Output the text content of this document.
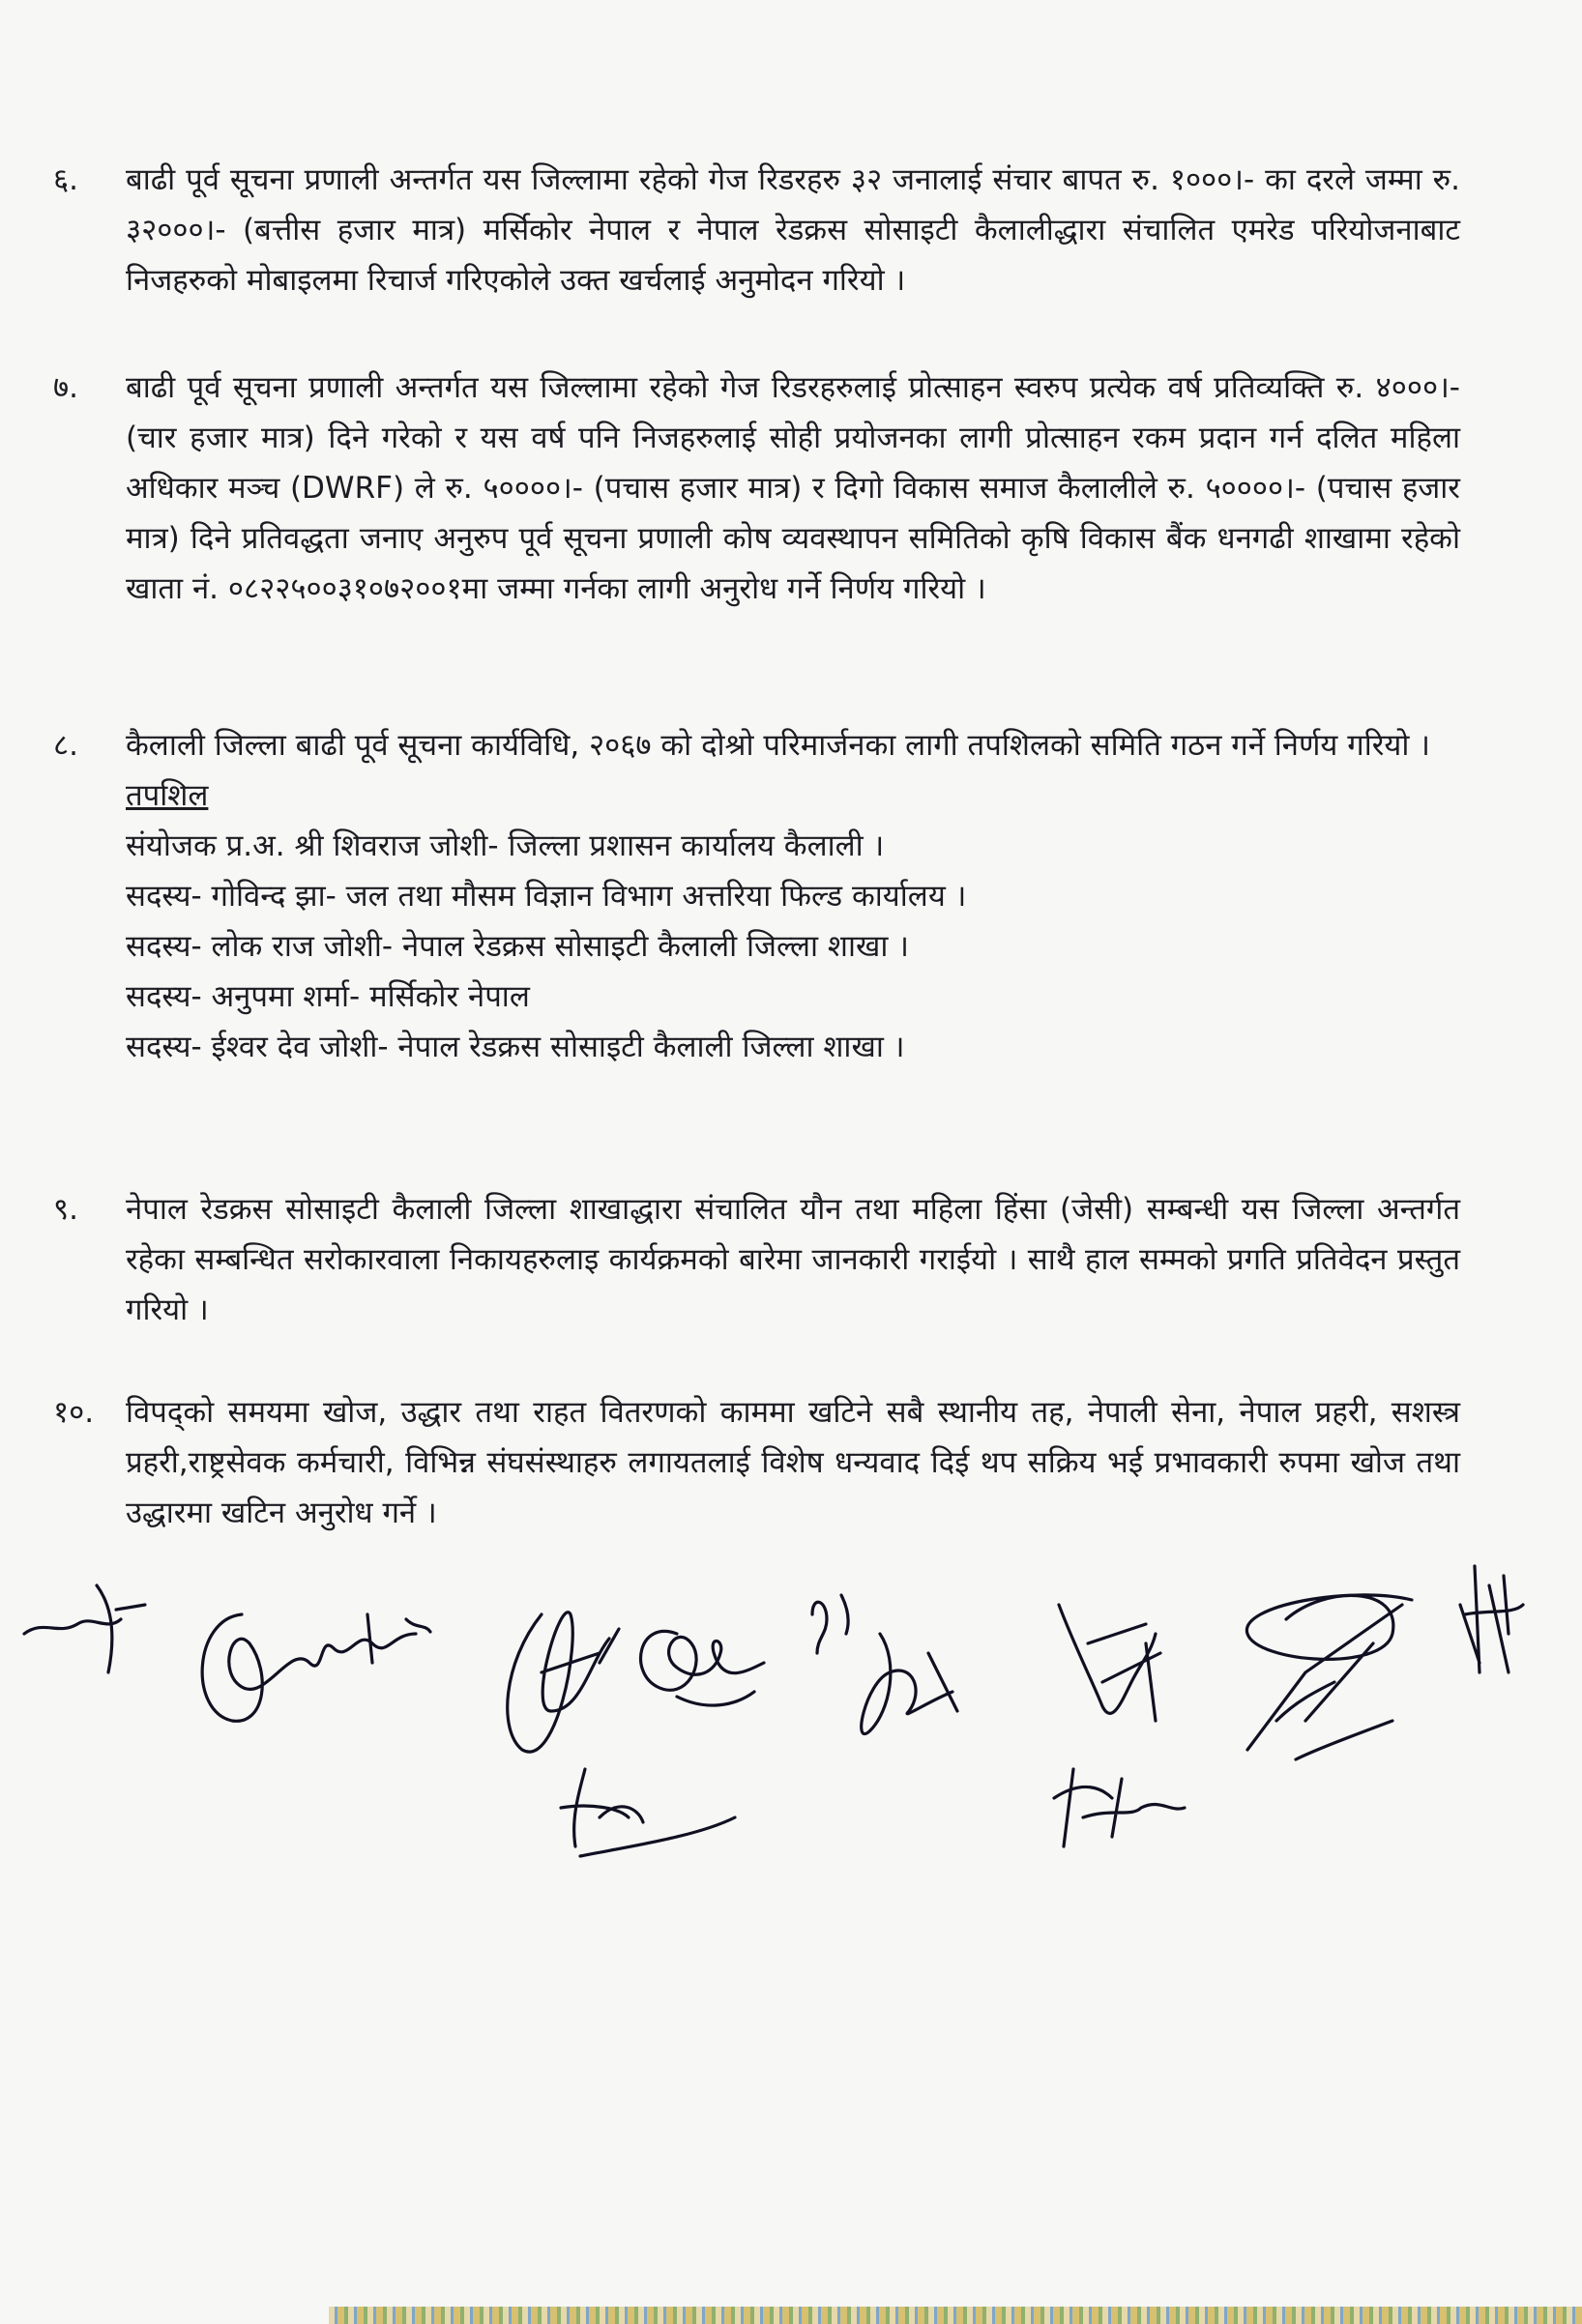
६.	बाढी पूर्व सूचना प्रणाली अन्तर्गत यस जिल्लामा रहेको गेज रिडरहरु ३२ जनालाई संचार बापत रु. १०००।- का दरले जम्मा रु. ३२०००।- (बत्तीस हजार मात्र) मर्सिकोर नेपाल र नेपाल रेडक्रस सोसाइटी कैलालीद्धारा संचालित एमरेड परियोजनाबाट निजहरुको मोबाइलमा रिचार्ज गरिएकोले उक्त खर्चलाई अनुमोदन गरियो ।
७.	बाढी पूर्व सूचना प्रणाली अन्तर्गत यस जिल्लामा रहेको गेज रिडरहरुलाई प्रोत्साहन स्वरुप प्रत्येक वर्ष प्रतिव्यक्ति रु. ४०००।- (चार हजार मात्र) दिने गरेको र यस वर्ष पनि निजहरुलाई सोही प्रयोजनका लागी प्रोत्साहन रकम प्रदान गर्न दलित महिला अधिकार मञ्च (DWRF) ले रु. ५००००।- (पचास हजार मात्र) र दिगो विकास समाज कैलालीले रु. ५००००।- (पचास हजार मात्र) दिने प्रतिवद्धता जनाए अनुरुप पूर्व सूचना प्रणाली कोष व्यवस्थापन समितिको कृषि विकास बैंक धनगढी शाखामा रहेको खाता नं. ०८२२५००३१०७२००१मा जम्मा गर्नका लागी अनुरोध गर्ने निर्णय गरियो ।
८.	कैलाली जिल्ला बाढी पूर्व सूचना कार्यविधि, २०६७ को दोश्रो परिमार्जनका लागी तपशिलको समिति गठन गर्ने निर्णय गरियो ।
तपशिल
संयोजक प्र.अ. श्री शिवराज जोशी- जिल्ला प्रशासन कार्यालय कैलाली ।
सदस्य- गोविन्द झा- जल तथा मौसम विज्ञान विभाग अत्तरिया फिल्ड कार्यालय ।
सदस्य- लोक राज जोशी- नेपाल रेडक्रस सोसाइटी कैलाली जिल्ला शाखा ।
सदस्य- अनुपमा शर्मा- मर्सिकोर नेपाल
सदस्य- ईश्वर देव जोशी- नेपाल रेडक्रस सोसाइटी कैलाली जिल्ला शाखा ।
९.	नेपाल रेडक्रस सोसाइटी कैलाली जिल्ला शाखाद्धारा संचालित यौन तथा महिला हिंसा (जेसी) सम्बन्धी यस जिल्ला अन्तर्गत रहेका सम्बन्धित सरोकारवाला निकायहरुलाइ कार्यक्रमको बारेमा जानकारी गराईयो । साथै हाल सम्मको प्रगति प्रतिवेदन प्रस्तुत गरियो ।
१०.	विपद्को समयमा खोज, उद्धार तथा राहत वितरणको काममा खटिने सबै स्थानीय तह, नेपाली सेना, नेपाल प्रहरी, सशस्त्र प्रहरी,राष्ट्रसेवक कर्मचारी, विभिन्न संघसंस्थाहरु लगायतलाई विशेष धन्यवाद दिई थप सक्रिय भई प्रभावकारी रुपमा खोज तथा उद्धारमा खटिन अनुरोध गर्ने ।
